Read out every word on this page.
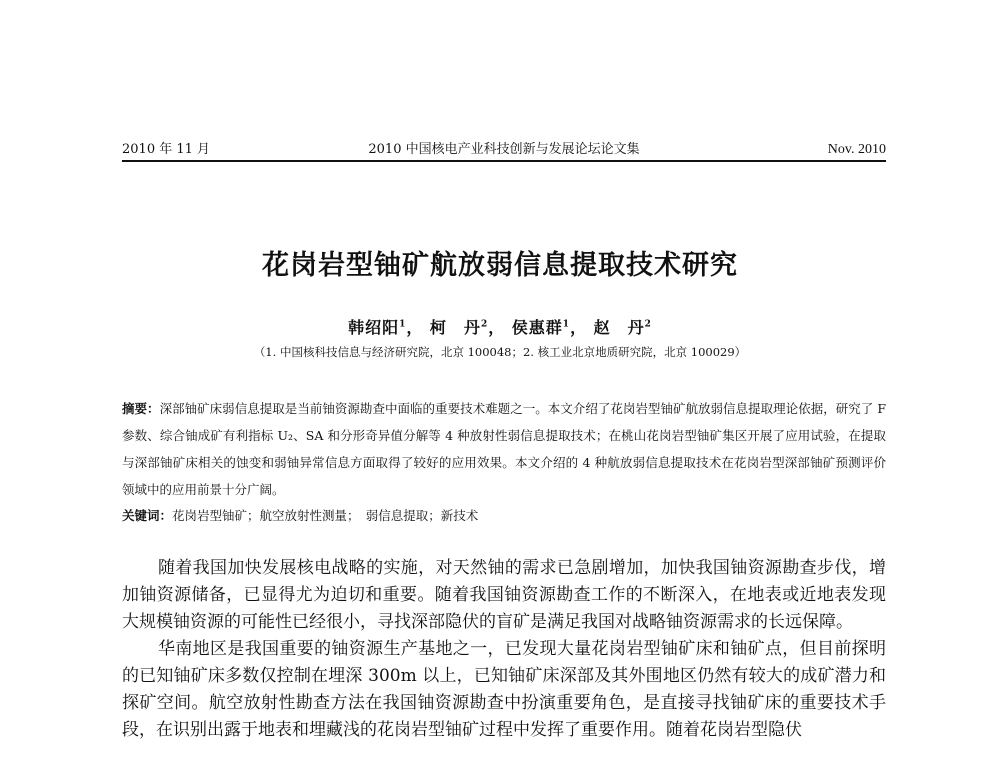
2010 年 11 月	2010 中国核电产业科技创新与发展论坛论文集	Nov. 2010
花岗岩型铀矿航放弱信息提取技术研究
韩绍阳$^1$， 柯　丹$^2$， 侯惠群$^1$， 赵　丹$^2$
（1. 中国核科技信息与经济研究院，北京 100048；2. 核工业北京地质研究院，北京 100029）
摘要：深部铀矿床弱信息提取是当前铀资源勘查中面临的重要技术难题之一。本文介绍了花岗岩型铀矿航放弱信息提取理论依据，研究了 F 参数、综合铀成矿有利指标 U₂、SA 和分形奇异值分解等 4 种放射性弱信息提取技术；在桃山花岗岩型铀矿集区开展了应用试验，在提取与深部铀矿床相关的蚀变和弱铀异常信息方面取得了较好的应用效果。本文介绍的 4 种航放弱信息提取技术在花岗岩型深部铀矿预测评价领域中的应用前景十分广阔。
关键词：花岗岩型铀矿；航空放射性测量；　弱信息提取；新技术

随着我国加快发展核电战略的实施，对天然铀的需求已急剧增加，加快我国铀资源勘查步伐，增加铀资源储备，已显得尤为迫切和重要。随着我国铀资源勘查工作的不断深入，在地表或近地表发现大规模铀资源的可能性已经很小，寻找深部隐伏的盲矿是满足我国对战略铀资源需求的长远保障。

华南地区是我国重要的铀资源生产基地之一，已发现大量花岗岩型铀矿床和铀矿点，但目前探明的已知铀矿床多数仅控制在埋深 300m 以上，已知铀矿床深部及其外围地区仍然有较大的成矿潜力和探矿空间。航空放射性勘查方法在我国铀资源勘查中扮演重要角色，是直接寻找铀矿床的重要技术手段，在识别出露于地表和埋藏浅的花岗岩型铀矿过程中发挥了重要作用。随着花岗岩型隐伏
